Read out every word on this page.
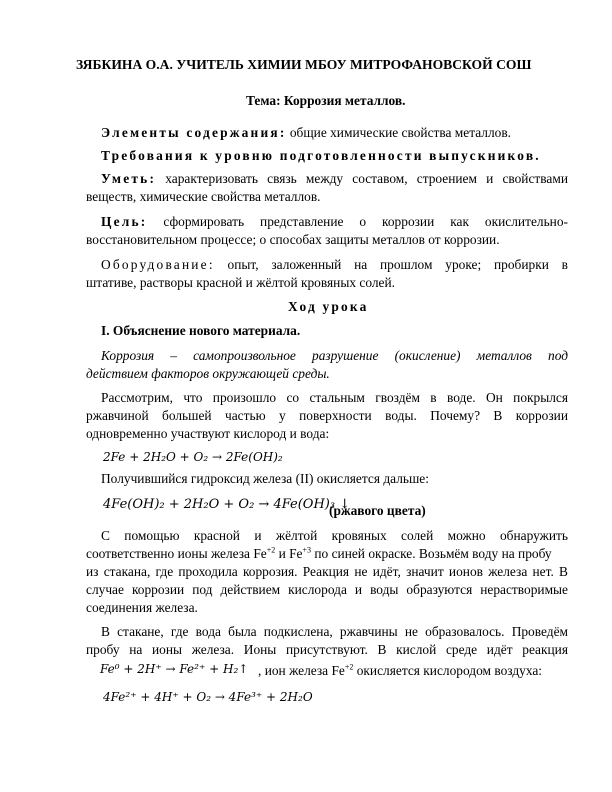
ЗЯБКИНА О.А. УЧИТЕЛЬ ХИМИИ МБОУ МИТРОФАНОВСКОЙ СОШ
Тема: Коррозия металлов.
Элементы содержания: общие химические свойства металлов.
Требования к уровню подготовленности выпускников.
Уметь: характеризовать связь между составом, строением и свойствами
веществ, химические свойства металлов.
Цель: сформировать представление о коррозии как окислительно-
восстановительном процессе; о способах защиты металлов от коррозии.
Оборудование: опыт, заложенный на прошлом уроке; пробирки в
штативе, растворы красной и жёлтой кровяных солей.
Ход урока
I. Объяснение нового материала.
Коррозия – самопроизвольное разрушение (окисление) металлов под
действием факторов окружающей среды.
Рассмотрим, что произошло со стальным гвоздём в воде. Он покрылся
ржавчиной большей частью у поверхности воды. Почему? В коррозии
одновременно участвуют кислород и вода:
2Fe + 2H₂O + O₂ → 2Fe(OH)₂
Получившийся гидроксид железа (II) окисляется дальше:
4Fe(OH)₂ + 2H₂O + O₂ → 4Fe(OH)₃ ↓
(ржавого цвета)
С помощью красной и жёлтой кровяных солей можно обнаружить
соответственно ионы железа $Fe^{+2}$ и $Fe^{+3}$ по синей окраске. Возьмём воду на пробу
из стакана, где проходила коррозия. Реакция не идёт, значит ионов железа нет. В
случае коррозии под действием кислорода и воды образуются нерастворимые
соединения железа.
В стакане, где вода была подкислена, ржавчины не образовалось. Проведём
пробу на ионы железа. Ионы присутствуют. В кислой среде идёт реакция
Fe⁰ + 2H⁺ → Fe²⁺ + H₂↑ , ион железа $Fe^{+2}$ окисляется кислородом воздуха:
4Fe²⁺ + 4H⁺ + O₂ → 4Fe³⁺ + 2H₂O
